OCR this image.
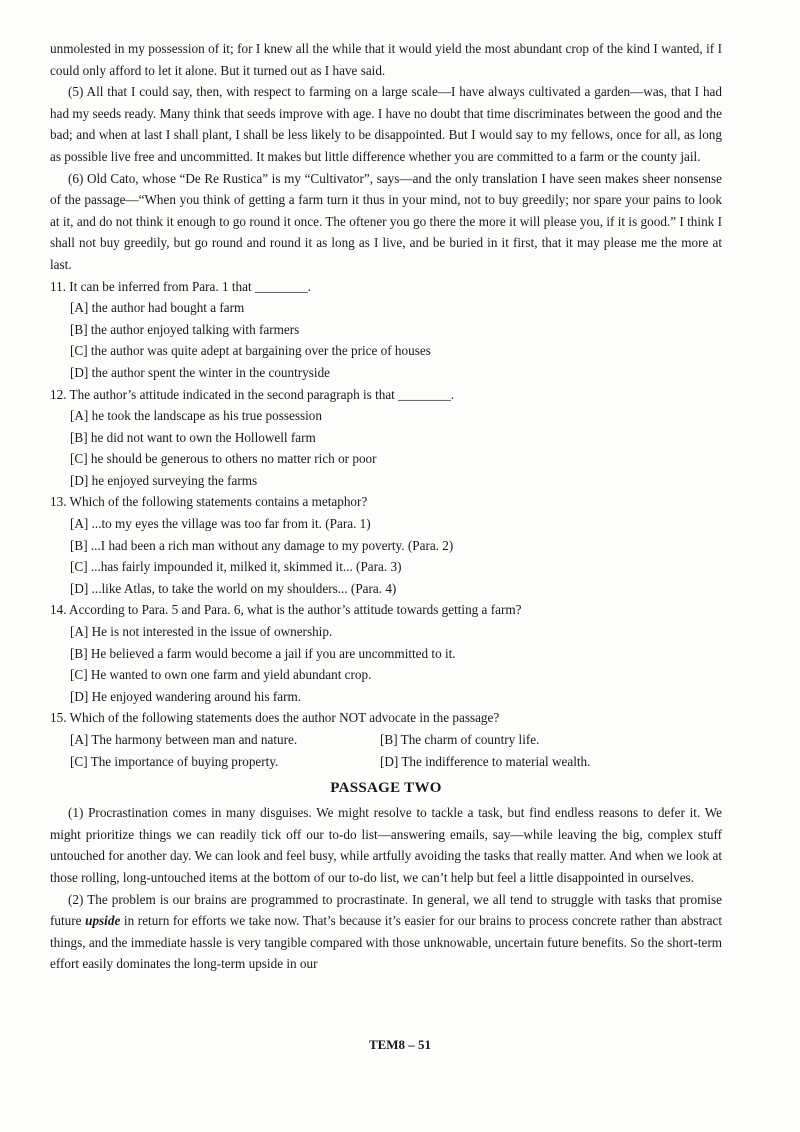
unmolested in my possession of it; for I knew all the while that it would yield the most abundant crop of the kind I wanted, if I could only afford to let it alone. But it turned out as I have said.

(5) All that I could say, then, with respect to farming on a large scale—I have always cultivated a garden—was, that I had had my seeds ready. Many think that seeds improve with age. I have no doubt that time discriminates between the good and the bad; and when at last I shall plant, I shall be less likely to be disappointed. But I would say to my fellows, once for all, as long as possible live free and uncommitted. It makes but little difference whether you are committed to a farm or the county jail.

(6) Old Cato, whose “De Re Rustica” is my “Cultivator”, says—and the only translation I have seen makes sheer nonsense of the passage—“When you think of getting a farm turn it thus in your mind, not to buy greedily; nor spare your pains to look at it, and do not think it enough to go round it once. The oftener you go there the more it will please you, if it is good.” I think I shall not buy greedily, but go round and round it as long as I live, and be buried in it first, that it may please me the more at last.

11. It can be inferred from Para. 1 that ________.

[A] the author had bought a farm

[B] the author enjoyed talking with farmers

[C] the author was quite adept at bargaining over the price of houses

[D] the author spent the winter in the countryside

12. The author’s attitude indicated in the second paragraph is that ________.

[A] he took the landscape as his true possession

[B] he did not want to own the Hollowell farm

[C] he should be generous to others no matter rich or poor

[D] he enjoyed surveying the farms

13. Which of the following statements contains a metaphor?

[A] ...to my eyes the village was too far from it. (Para. 1)

[B] ...I had been a rich man without any damage to my poverty. (Para. 2)

[C] ...has fairly impounded it, milked it, skimmed it... (Para. 3)

[D] ...like Atlas, to take the world on my shoulders... (Para. 4)

14. According to Para. 5 and Para. 6, what is the author’s attitude towards getting a farm?

[A] He is not interested in the issue of ownership.

[B] He believed a farm would become a jail if you are uncommitted to it.

[C] He wanted to own one farm and yield abundant crop.

[D] He enjoyed wandering around his farm.

15. Which of the following statements does the author NOT advocate in the passage?

[A] The harmony between man and nature.	[B] The charm of country life.
[C] The importance of buying property.	[D] The indifference to material wealth.
PASSAGE TWO

(1) Procrastination comes in many disguises. We might resolve to tackle a task, but find endless reasons to defer it. We might prioritize things we can readily tick off our to-do list—answering emails, say—while leaving the big, complex stuff untouched for another day. We can look and feel busy, while artfully avoiding the tasks that really matter. And when we look at those rolling, long-untouched items at the bottom of our to-do list, we can’t help but feel a little disappointed in ourselves.

(2) The problem is our brains are programmed to procrastinate. In general, we all tend to struggle with tasks that promise future upside in return for efforts we take now. That’s because it’s easier for our brains to process concrete rather than abstract things, and the immediate hassle is very tangible compared with those unknowable, uncertain future benefits. So the short-term effort easily dominates the long-term upside in our

TEM8 – 51
